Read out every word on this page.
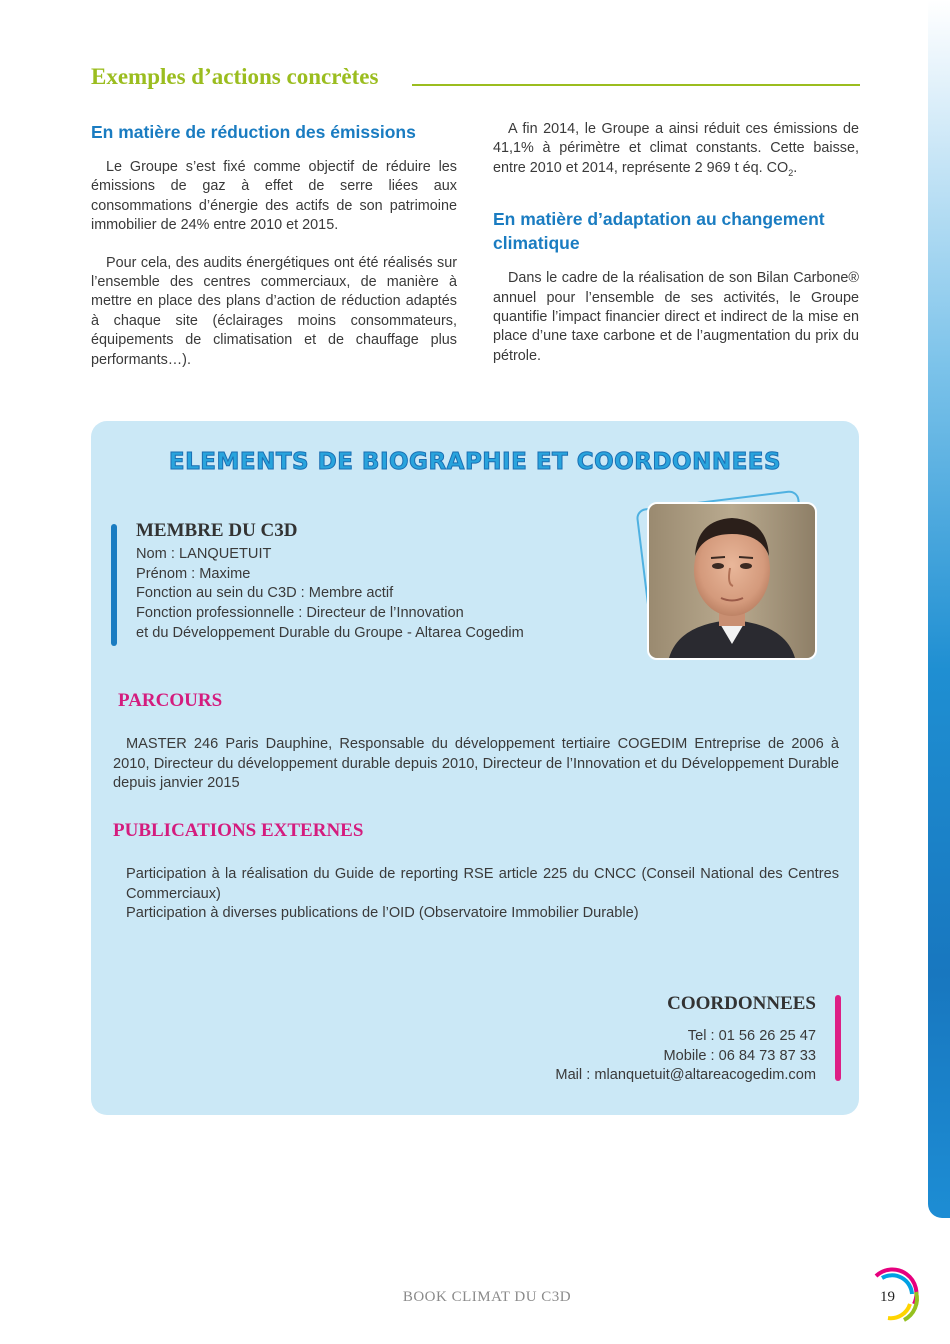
Exemples d’actions concrètes
En matière de réduction des émissions

Le Groupe s’est fixé comme objectif de réduire les émissions de gaz à effet de serre liées aux consommations d’énergie des actifs de son patrimoine immobilier de 24% entre 2010 et 2015.

Pour cela, des audits énergétiques ont été réalisés sur l’ensemble des centres commerciaux, de manière à mettre en place des plans d’action de réduction adaptés à chaque site (éclairages moins consommateurs, équipements de climatisation et de chauffage plus performants…).

A fin 2014, le Groupe a ainsi réduit ces émissions de 41,1% à périmètre et climat constants. Cette baisse, entre 2010 et 2014, représente 2 969 t éq. $CO_2$.

En matière d’adaptation au changement climatique

Dans le cadre de la réalisation de son Bilan Carbone® annuel pour l’ensemble de ses activités, le Groupe quantifie l’impact financier direct et indirect de la mise en place d’une taxe carbone et de l’augmentation du prix du pétrole.

ELEMENTS DE BIOGRAPHIE ET COORDONNEES
MEMBRE DU C3D
Nom : LANQUETUIT
Prénom : Maxime
Fonction au sein du C3D : Membre actif
Fonction professionnelle : Directeur de l’Innovation
et du Développement Durable du Groupe - Altarea Cogedim
PARCOURS
MASTER 246 Paris Dauphine, Responsable du développement tertiaire COGEDIM Entreprise de 2006 à 2010, Directeur du développement durable depuis 2010, Directeur de l’Innovation et du Développement Durable depuis janvier 2015
PUBLICATIONS EXTERNES
Participation à la réalisation du Guide de reporting RSE article 225 du CNCC (Conseil National des Centres Commerciaux)
Participation à diverses publications de l’OID (Observatoire Immobilier Durable)
COORDONNEES
Tel : 01 56 26 25 47
Mobile : 06 84 73 87 33
Mail : mlanquetuit@altareacogedim.com
BOOK CLIMAT DU C3D	19
